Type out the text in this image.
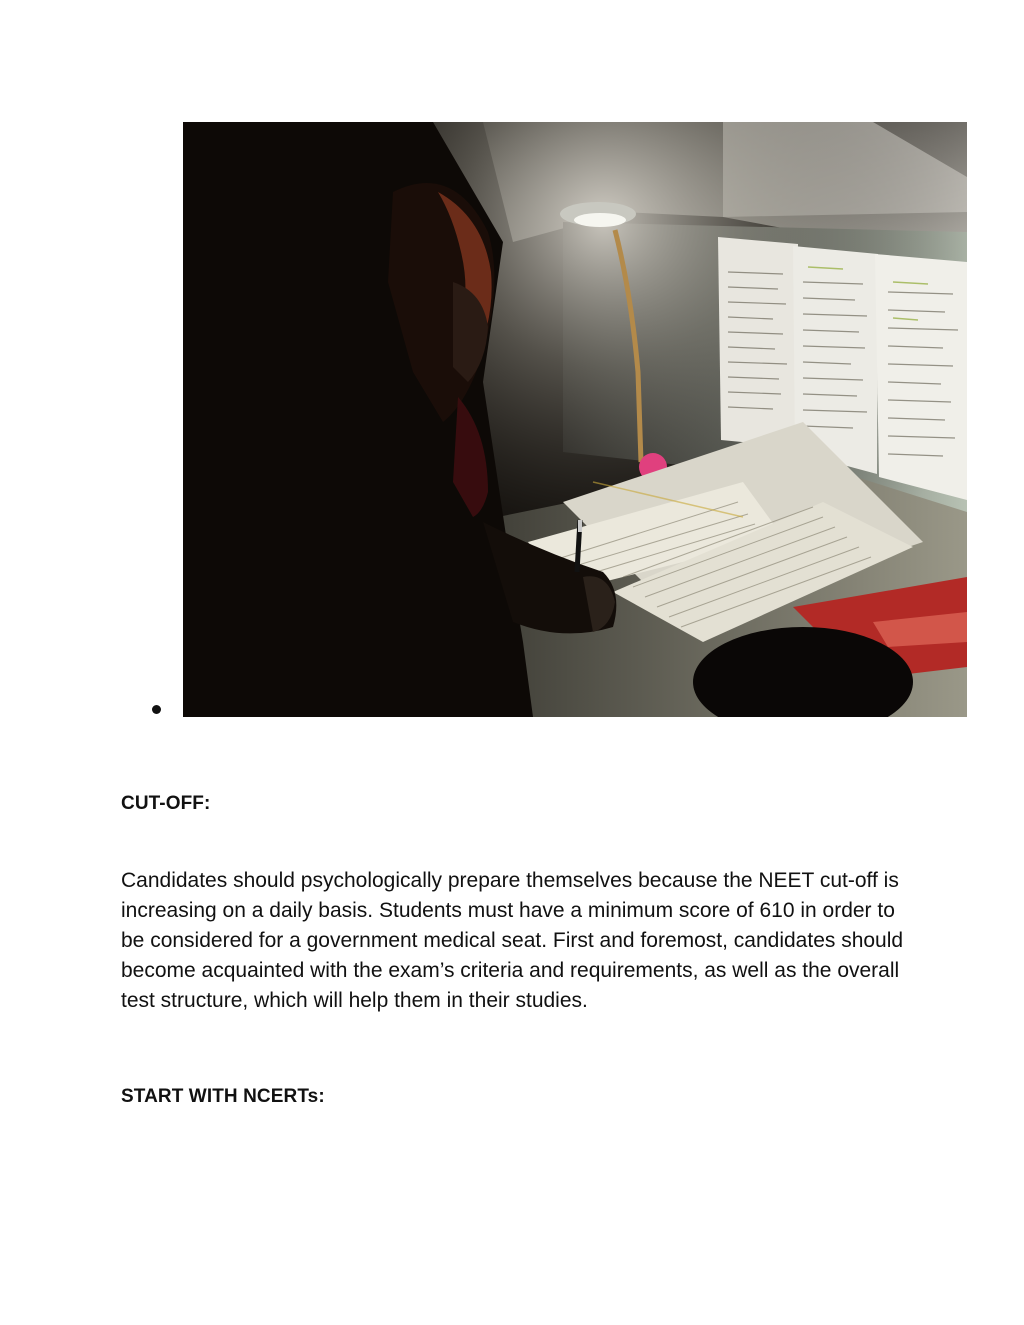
CUT-OFF:

Candidates should psychologically prepare themselves because the NEET cut-off is increasing on a daily basis. Students must have a minimum score of 610 in order to be considered for a government medical seat. First and foremost, candidates should become acquainted with the exam’s criteria and requirements, as well as the overall test structure, which will help them in their studies.

START WITH NCERTs:
